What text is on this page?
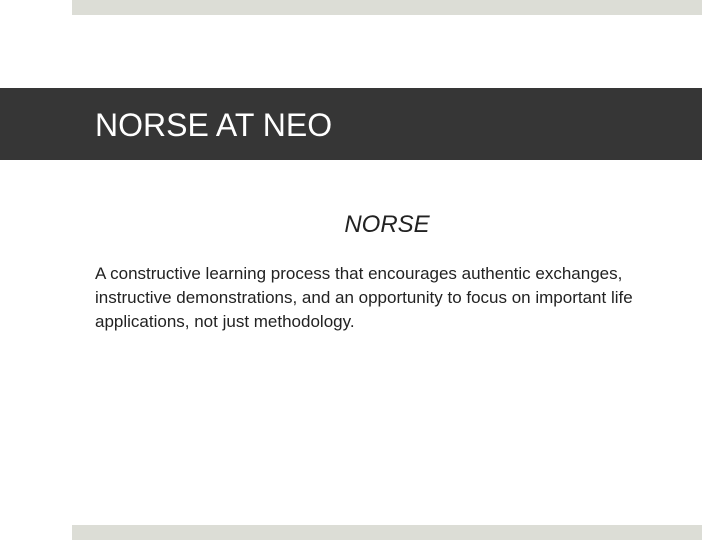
NORSE AT NEO
NORSE

A constructive learning process that encourages authentic exchanges, instructive demonstrations, and an opportunity to focus on important life applications, not just methodology.
